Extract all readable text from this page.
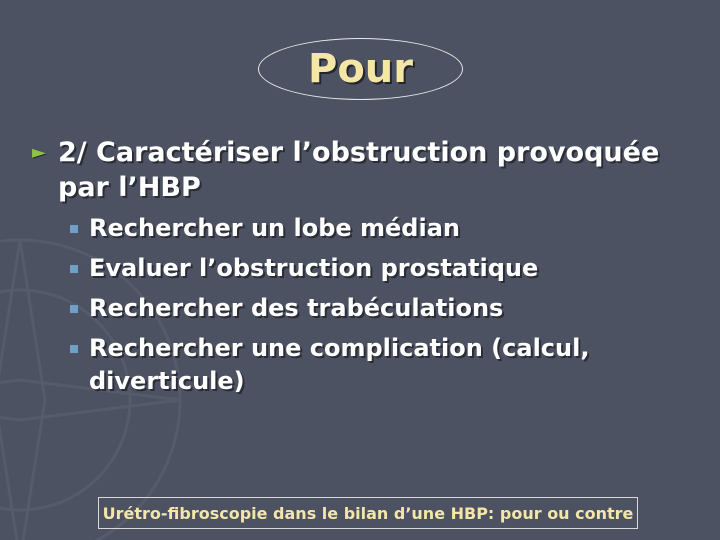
Pour
► 2/ Caractériser l’obstruction provoquée par l’HBP
Rechercher un lobe médian
Evaluer l’obstruction prostatique
Rechercher des trabéculations
Rechercher une complication (calcul, diverticule)
Urétro-fibroscopie dans le bilan d’une HBP: pour ou contre
